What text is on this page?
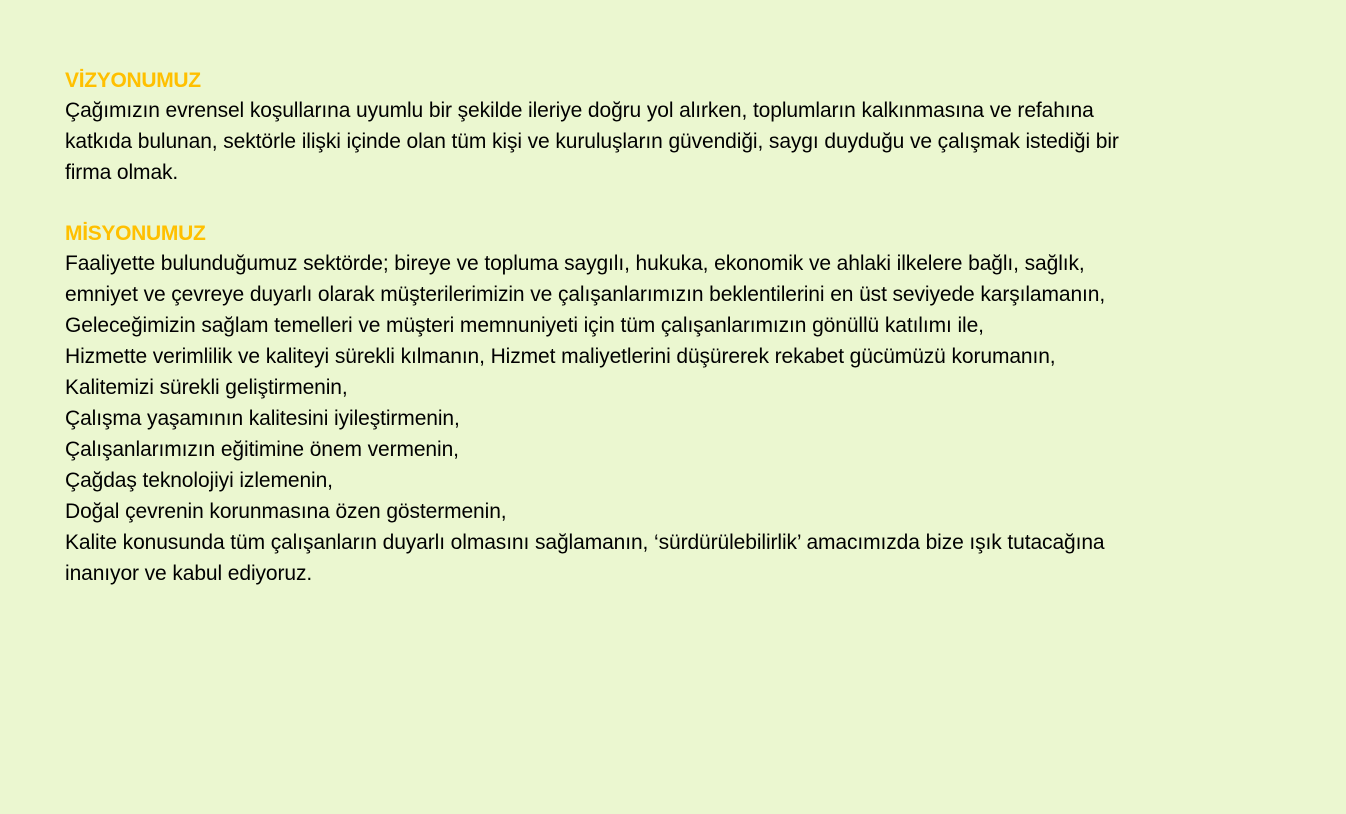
VİZYONUMUZ

Çağımızın evrensel koşullarına uyumlu bir şekilde ileriye doğru yol alırken, toplumların kalkınmasına ve refahına

katkıda bulunan, sektörle ilişki içinde olan tüm kişi ve kuruluşların güvendiği, saygı duyduğu ve çalışmak istediği bir

firma olmak.

MİSYONUMUZ

Faaliyette bulunduğumuz sektörde; bireye ve topluma saygılı, hukuka, ekonomik ve ahlaki ilkelere bağlı, sağlık,

emniyet ve çevreye duyarlı olarak müşterilerimizin ve çalışanlarımızın beklentilerini en üst seviyede karşılamanın,

Geleceğimizin sağlam temelleri ve müşteri memnuniyeti için tüm çalışanlarımızın gönüllü katılımı ile,

Hizmette verimlilik ve kaliteyi sürekli kılmanın, Hizmet maliyetlerini düşürerek rekabet gücümüzü korumanın,

Kalitemizi sürekli geliştirmenin,

Çalışma yaşamının kalitesini iyileştirmenin,

Çalışanlarımızın eğitimine önem vermenin,

Çağdaş teknolojiyi izlemenin,

Doğal çevrenin korunmasına özen göstermenin,

Kalite konusunda tüm çalışanların duyarlı olmasını sağlamanın, ‘sürdürülebilirlik’ amacımızda bize ışık tutacağına

inanıyor ve kabul ediyoruz.
